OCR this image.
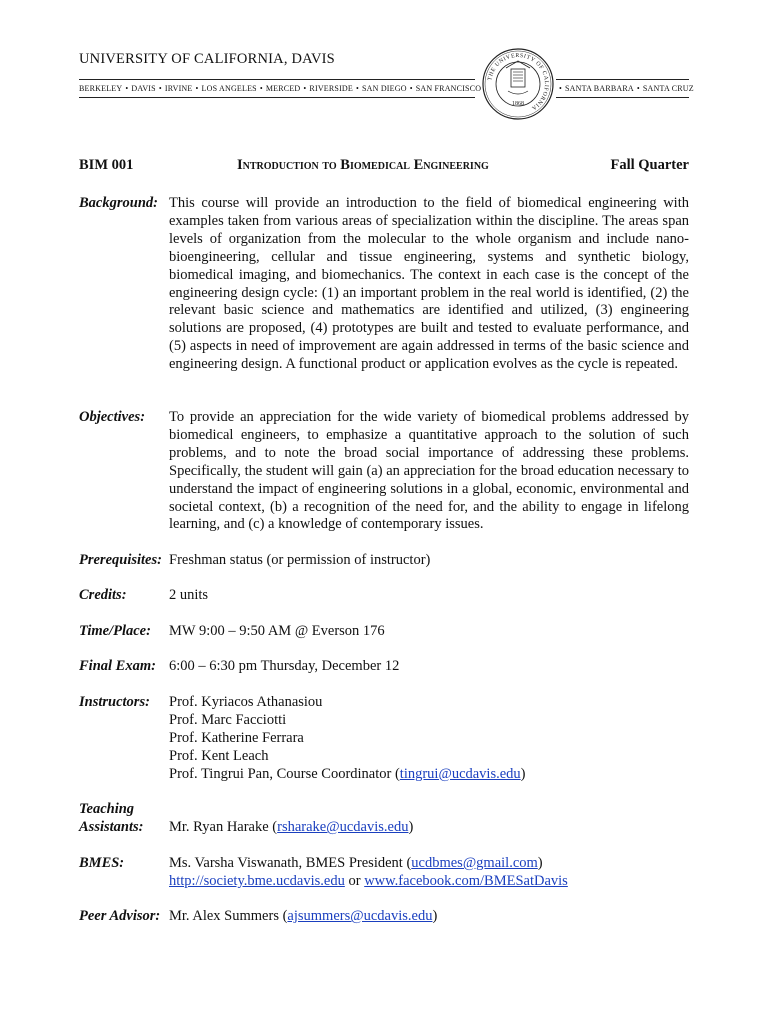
UNIVERSITY OF CALIFORNIA, DAVIS
BERKELEY • DAVIS • IRVINE • LOS ANGELES • MERCED • RIVERSIDE • SAN DIEGO • SAN FRANCISCO
THE UNIVERSITY OF CALIFORNIA
1868
• SANTA BARBARA • SANTA CRUZ
BIM 001	Introduction to Biomedical Engineering	Fall Quarter
Background: This course will provide an introduction to the field of biomedical engineering with examples taken from various areas of specialization within the discipline. The areas span levels of organization from the molecular to the whole organism and include nano-bioengineering, cellular and tissue engineering, systems and synthetic biology, biomedical imaging, and biomechanics. The context in each case is the concept of the engineering design cycle: (1) an important problem in the real world is identified, (2) the relevant basic science and mathematics are identified and utilized, (3) engineering solutions are proposed, (4) prototypes are built and tested to evaluate performance, and (5) aspects in need of improvement are again addressed in terms of the basic science and engineering design. A functional product or application evolves as the cycle is repeated.
Objectives:	To provide an appreciation for the wide variety of biomedical problems addressed by biomedical engineers, to emphasize a quantitative approach to the solution of such problems, and to note the broad social importance of addressing these problems. Specifically, the student will gain (a) an appreciation for the broad education necessary to understand the impact of engineering solutions in a global, economic, environmental and societal context, (b) a recognition of the need for, and the ability to engage in lifelong learning, and (c) a knowledge of contemporary issues.
Prerequisites: Freshman status (or permission of instructor)
Credits:	2 units
Time/Place:	MW 9:00 – 9:50 AM @ Everson 176
Final Exam: 6:00 – 6:30 pm Thursday, December 12
Instructors:	Prof. Kyriacos Athanasiou
Prof. Marc Facciotti
Prof. Katherine Ferrara
Prof. Kent Leach
Prof. Tingrui Pan, Course Coordinator (tingrui@ucdavis.edu)
Teaching
Assistants:	Mr. Ryan Harake (rsharake@ucdavis.edu)
BMES:	Ms. Varsha Viswanath, BMES President (ucdbmes@gmail.com)
http://society.bme.ucdavis.edu or www.facebook.com/BMESatDavis
Peer Advisor: Mr. Alex Summers (ajsummers@ucdavis.edu)
